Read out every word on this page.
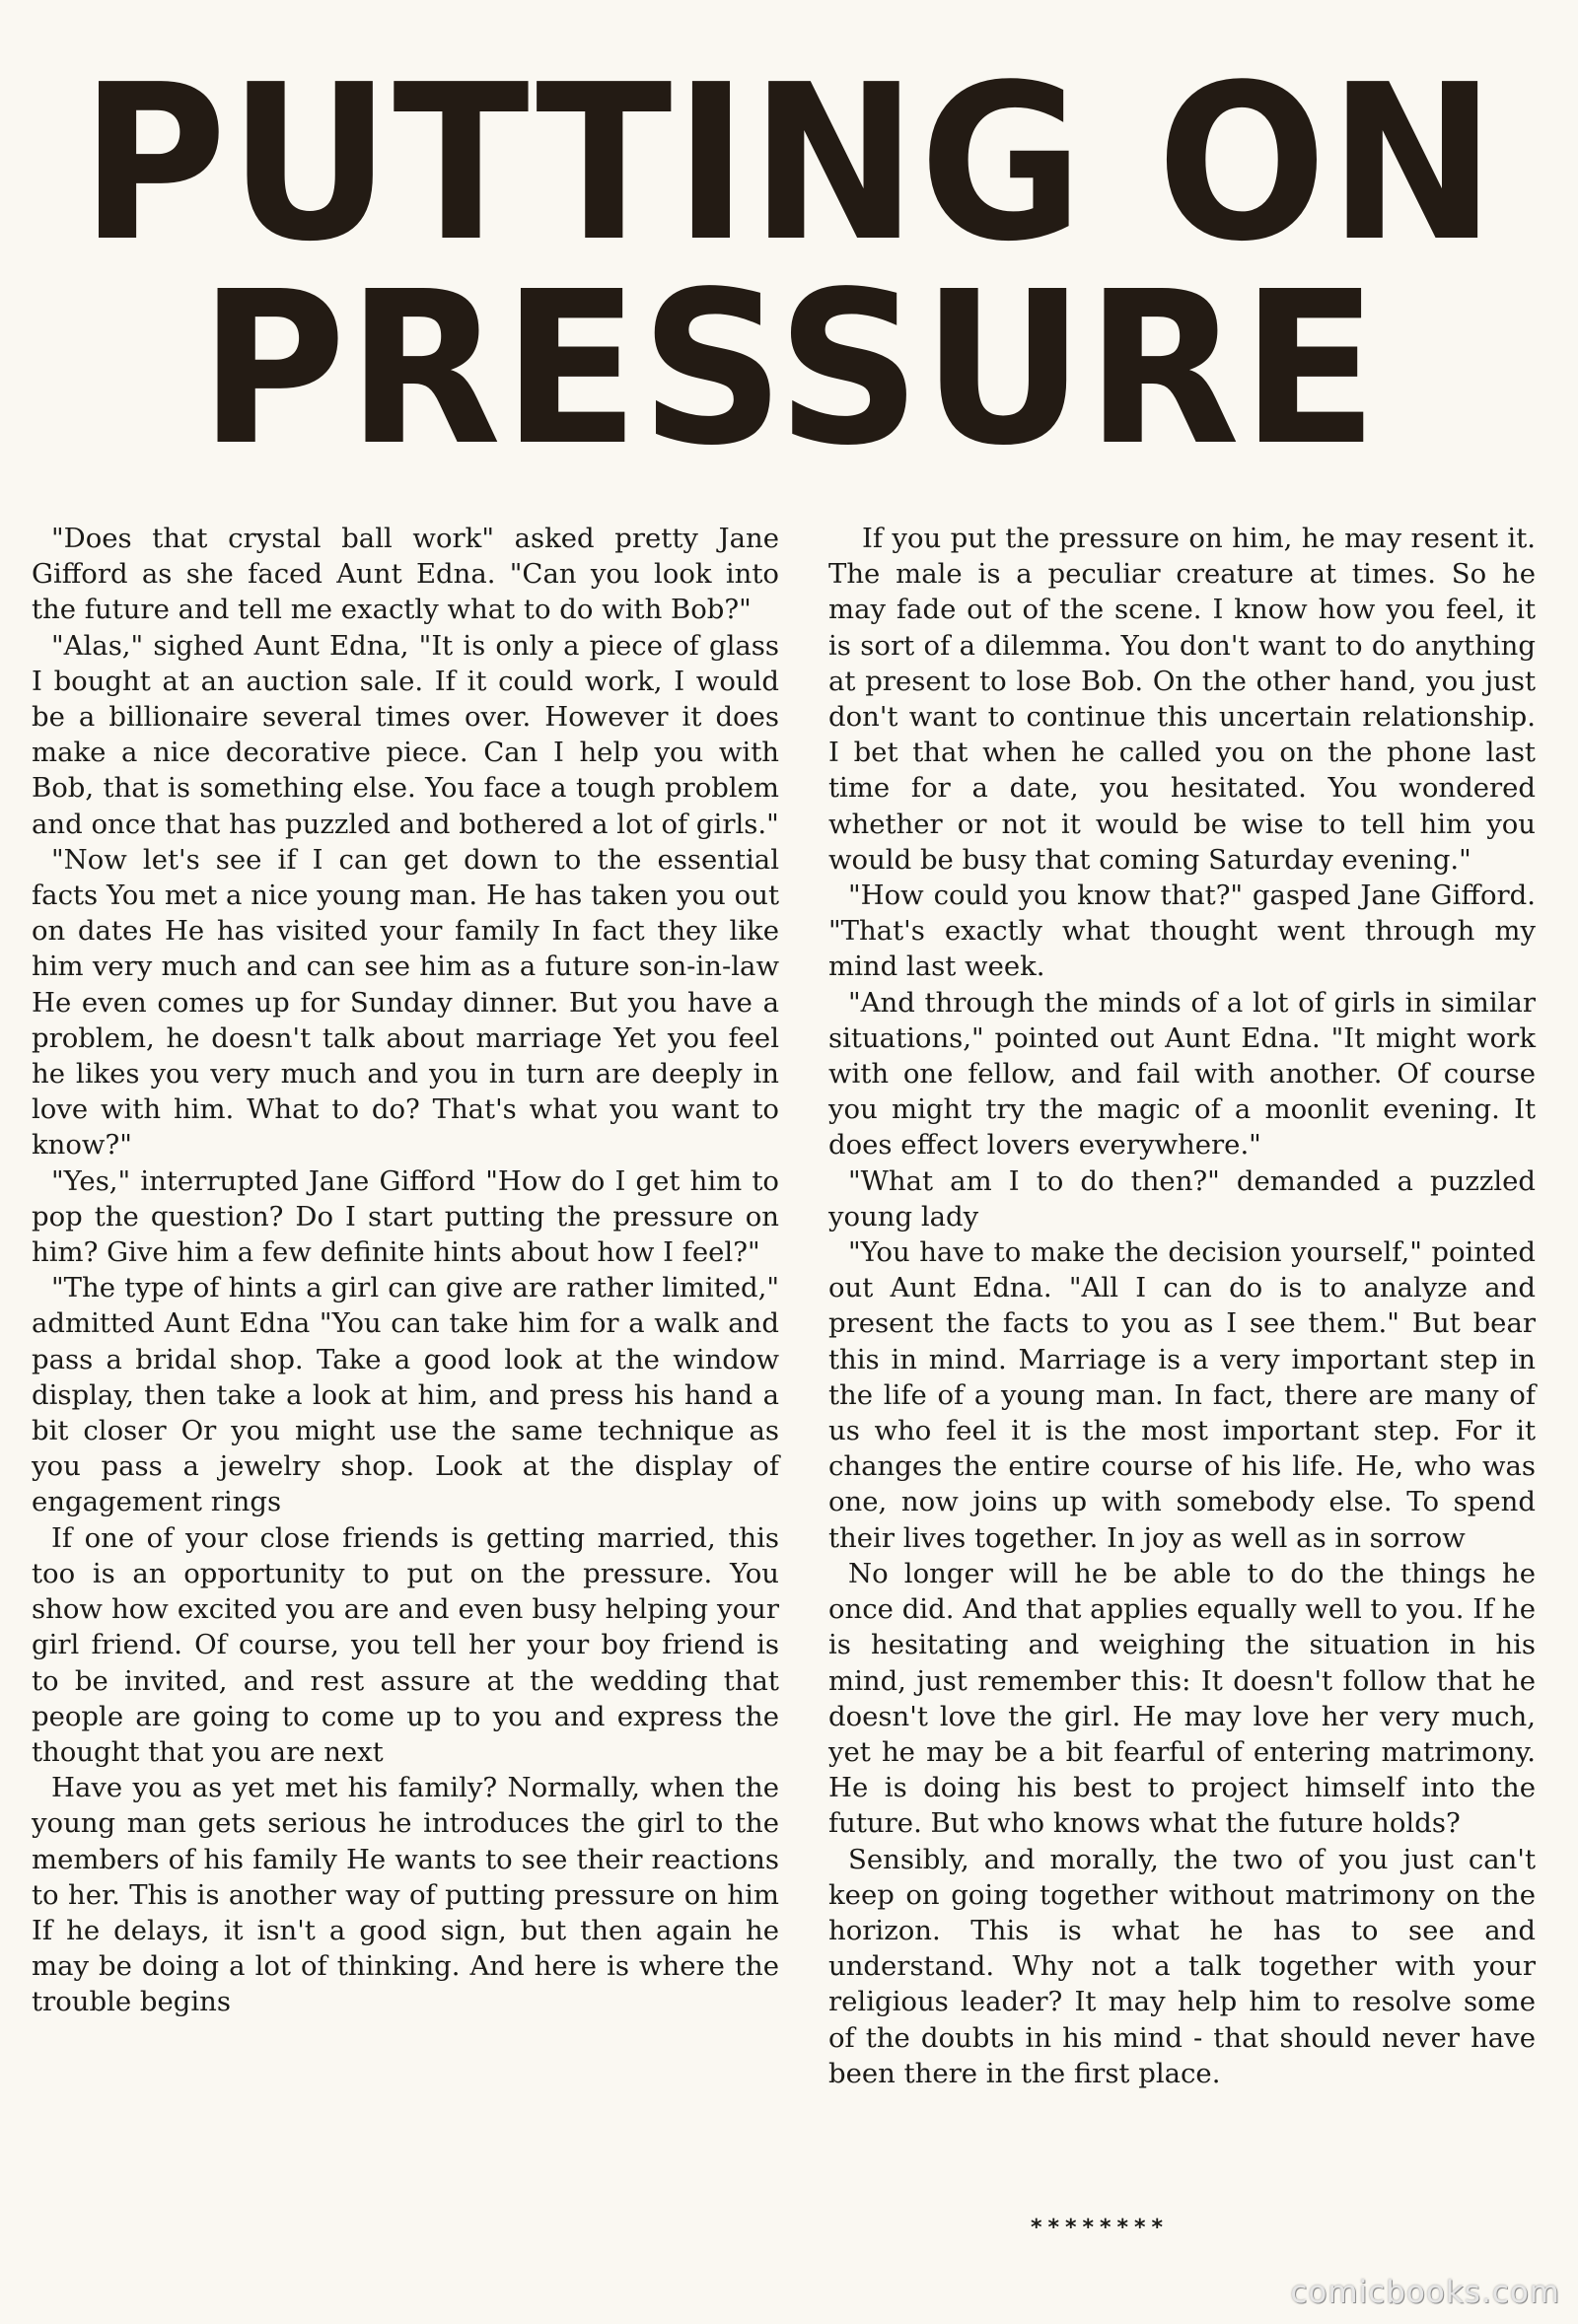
PUTTING ON
PRESSURE

"Does that crystal ball work" asked pretty Jane Gifford as she faced Aunt Edna. "Can you look into the future and tell me exactly what to do with Bob?"

"Alas," sighed Aunt Edna, "It is only a piece of glass I bought at an auction sale. If it could work, I would be a billionaire several times over. However it does make a nice decorative piece. Can I help you with Bob, that is something else. You face a tough problem and once that has puzzled and bothered a lot of girls."

"Now let's see if I can get down to the essential facts You met a nice young man. He has taken you out on dates He has visited your family In fact they like him very much and can see him as a future son-in-law He even comes up for Sunday dinner. But you have a problem, he doesn't talk about marriage Yet you feel he likes you very much and you in turn are deeply in love with him. What to do? That's what you want to know?"

"Yes," interrupted Jane Gifford "How do I get him to pop the question? Do I start putting the pressure on him? Give him a few definite hints about how I feel?"

"The type of hints a girl can give are rather limited," admitted Aunt Edna "You can take him for a walk and pass a bridal shop. Take a good look at the window display, then take a look at him, and press his hand a bit closer Or you might use the same technique as you pass a jewelry shop. Look at the display of engagement rings

If one of your close friends is getting married, this too is an opportunity to put on the pressure. You show how excited you are and even busy helping your girl friend. Of course, you tell her your boy friend is to be invited, and rest assure at the wedding that people are going to come up to you and express the thought that you are next

Have you as yet met his family? Normally, when the young man gets serious he introduces the girl to the members of his family He wants to see their reactions to her. This is another way of putting pressure on him If he delays, it isn't a good sign, but then again he may be doing a lot of thinking. And here is where the trouble begins

If you put the pressure on him, he may resent it. The male is a peculiar creature at times. So he may fade out of the scene. I know how you feel, it is sort of a dilemma. You don't want to do anything at present to lose Bob. On the other hand, you just don't want to continue this uncertain relationship. I bet that when he called you on the phone last time for a date, you hesitated. You wondered whether or not it would be wise to tell him you would be busy that coming Saturday evening."

"How could you know that?" gasped Jane Gifford. "That's exactly what thought went through my mind last week.

"And through the minds of a lot of girls in similar situations," pointed out Aunt Edna. "It might work with one fellow, and fail with another. Of course you might try the magic of a moonlit evening. It does effect lovers everywhere."

"What am I to do then?" demanded a puzzled young lady

"You have to make the decision yourself," pointed out Aunt Edna. "All I can do is to analyze and present the facts to you as I see them." But bear this in mind. Marriage is a very important step in the life of a young man. In fact, there are many of us who feel it is the most important step. For it changes the entire course of his life. He, who was one, now joins up with somebody else. To spend their lives together. In joy as well as in sorrow

No longer will he be able to do the things he once did. And that applies equally well to you. If he is hesitating and weighing the situation in his mind, just remember this: It doesn't follow that he doesn't love the girl. He may love her very much, yet he may be a bit fearful of entering matrimony. He is doing his best to project himself into the future. But who knows what the future holds?

Sensibly, and morally, the two of you just can't keep on going together without matrimony on the horizon. This is what he has to see and understand. Why not a talk together with your religious leader? It may help him to resolve some of the doubts in his mind - that should never have been there in the first place.

********
comicbooks.com
